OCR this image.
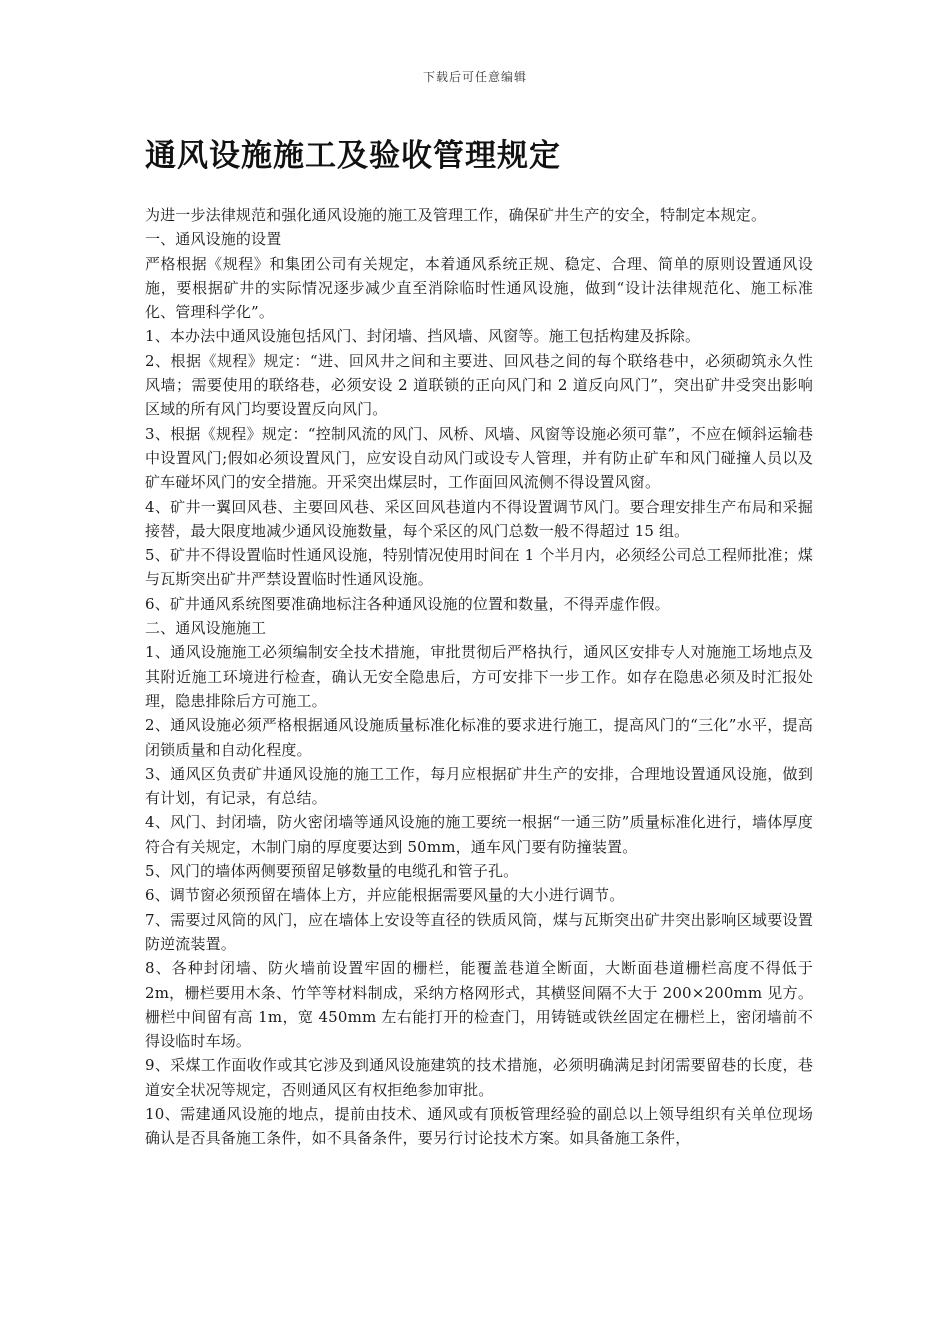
下载后可任意编辑
通风设施施工及验收管理规定

为进一步法律规范和强化通风设施的施工及管理工作，确保矿井生产的安全，特制定本规定。

一、通风设施的设置

严格根据《规程》和集团公司有关规定，本着通风系统正规、稳定、合理、简单的原则设置通风设施，要根据矿井的实际情况逐步减少直至消除临时性通风设施，做到“设计法律规范化、施工标准化、管理科学化”。

1、本办法中通风设施包括风门、封闭墙、挡风墙、风窗等。施工包括构建及拆除。

2、根据《规程》规定：“进、回风井之间和主要进、回风巷之间的每个联络巷中，必须砌筑永久性风墙；需要使用的联络巷，必须安设 2 道联锁的正向风门和 2 道反向风门”，突出矿井受突出影响区域的所有风门均要设置反向风门。

3、根据《规程》规定：“控制风流的风门、风桥、风墙、风窗等设施必须可靠”，不应在倾斜运输巷中设置风门;假如必须设置风门，应安设自动风门或设专人管理，并有防止矿车和风门碰撞人员以及矿车碰坏风门的安全措施。开采突出煤层时，工作面回风流侧不得设置风窗。

4、矿井一翼回风巷、主要回风巷、采区回风巷道内不得设置调节风门。要合理安排生产布局和采掘接替，最大限度地减少通风设施数量，每个采区的风门总数一般不得超过 15 组。

5、矿井不得设置临时性通风设施，特别情况使用时间在 1 个半月内，必须经公司总工程师批准；煤与瓦斯突出矿井严禁设置临时性通风设施。

6、矿井通风系统图要准确地标注各种通风设施的位置和数量，不得弄虚作假。

二、通风设施施工

1、通风设施施工必须编制安全技术措施，审批贯彻后严格执行，通风区安排专人对施施工场地点及其附近施工环境进行检查，确认无安全隐患后，方可安排下一步工作。如存在隐患必须及时汇报处理，隐患排除后方可施工。

2、通风设施必须严格根据通风设施质量标准化标准的要求进行施工，提高风门的“三化”水平，提高闭锁质量和自动化程度。

3、通风区负责矿井通风设施的施工工作，每月应根据矿井生产的安排，合理地设置通风设施，做到有计划，有记录，有总结。

4、风门、封闭墙，防火密闭墙等通风设施的施工要统一根据“一通三防”质量标准化进行，墙体厚度符合有关规定，木制门扇的厚度要达到 50mm，通车风门要有防撞装置。

5、风门的墙体两侧要预留足够数量的电缆孔和管子孔。

6、调节窗必须预留在墙体上方，并应能根据需要风量的大小进行调节。

7、需要过风筒的风门，应在墙体上安设等直径的铁质风筒，煤与瓦斯突出矿井突出影响区域要设置防逆流装置。

8、各种封闭墙、防火墙前设置牢固的栅栏，能覆盖巷道全断面，大断面巷道栅栏高度不得低于 2m，栅栏要用木条、竹竿等材料制成，采纳方格网形式，其横竖间隔不大于 200×200mm 见方。栅栏中间留有高 1m，宽 450mm 左右能打开的检查门，用铸链或铁丝固定在栅栏上，密闭墙前不得设临时车场。

9、采煤工作面收作或其它涉及到通风设施建筑的技术措施，必须明确满足封闭需要留巷的长度，巷道安全状况等规定，否则通风区有权拒绝参加审批。

10、需建通风设施的地点，提前由技术、通风或有顶板管理经验的副总以上领导组织有关单位现场确认是否具备施工条件，如不具备条件，要另行讨论技术方案。如具备施工条件，
